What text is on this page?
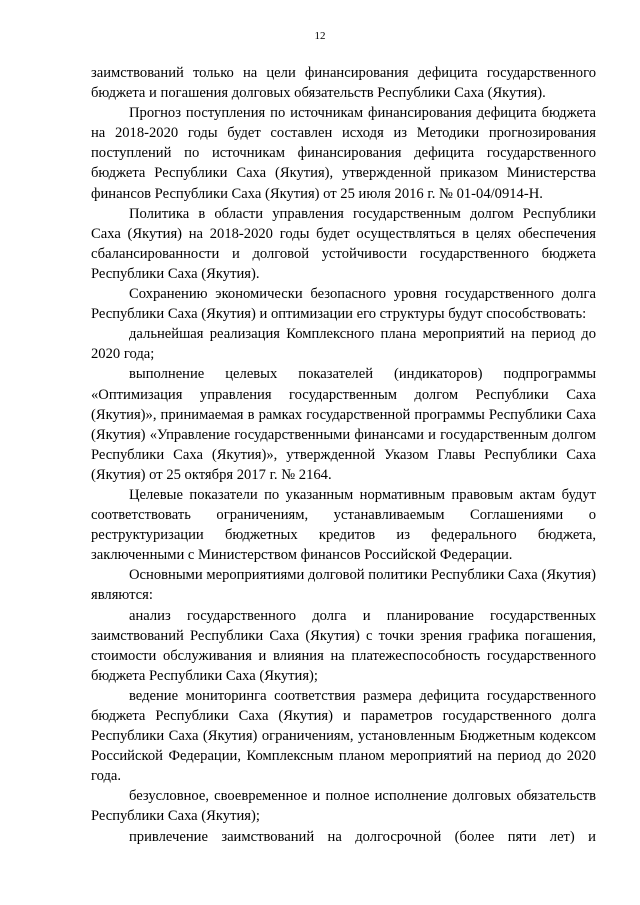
12

заимствований только на цели финансирования дефицита государственного бюджета и погашения долговых обязательств Республики Саха (Якутия).

Прогноз поступления по источникам финансирования дефицита бюджета на 2018-2020 годы будет составлен исходя из Методики прогнозирования поступлений по источникам финансирования дефицита государственного бюджета Республики Саха (Якутия), утвержденной приказом Министерства финансов Республики Саха (Якутия) от 25 июля 2016 г. № 01-04/0914-Н.

Политика в области управления государственным долгом Республики Саха (Якутия) на 2018-2020 годы будет осуществляться в целях обеспечения сбалансированности и долговой устойчивости государственного бюджета Республики Саха (Якутия).

Сохранению экономически безопасного уровня государственного долга Республики Саха (Якутия) и оптимизации его структуры будут способствовать:

дальнейшая реализация Комплексного плана мероприятий на период до 2020 года;

выполнение целевых показателей (индикаторов) подпрограммы «Оптимизация управления государственным долгом Республики Саха (Якутия)», принимаемая в рамках государственной программы Республики Саха (Якутия) «Управление государственными финансами и государственным долгом Республики Саха (Якутия)», утвержденной Указом Главы Республики Саха (Якутия) от 25 октября 2017 г. № 2164.

Целевые показатели по указанным нормативным правовым актам будут соответствовать ограничениям, устанавливаемым Соглашениями о реструктуризации бюджетных кредитов из федерального бюджета, заключенными с Министерством финансов Российской Федерации.

Основными мероприятиями долговой политики Республики Саха (Якутия) являются:

анализ государственного долга и планирование государственных заимствований Республики Саха (Якутия) с точки зрения графика погашения, стоимости обслуживания и влияния на платежеспособность государственного бюджета Республики Саха (Якутия);

ведение мониторинга соответствия размера дефицита государственного бюджета Республики Саха (Якутия) и параметров государственного долга Республики Саха (Якутия) ограничениям, установленным Бюджетным кодексом Российской Федерации, Комплексным планом мероприятий на период до 2020 года.

безусловное, своевременное и полное исполнение долговых обязательств Республики Саха (Якутия);

привлечение заимствований на долгосрочной (более пяти лет) и
